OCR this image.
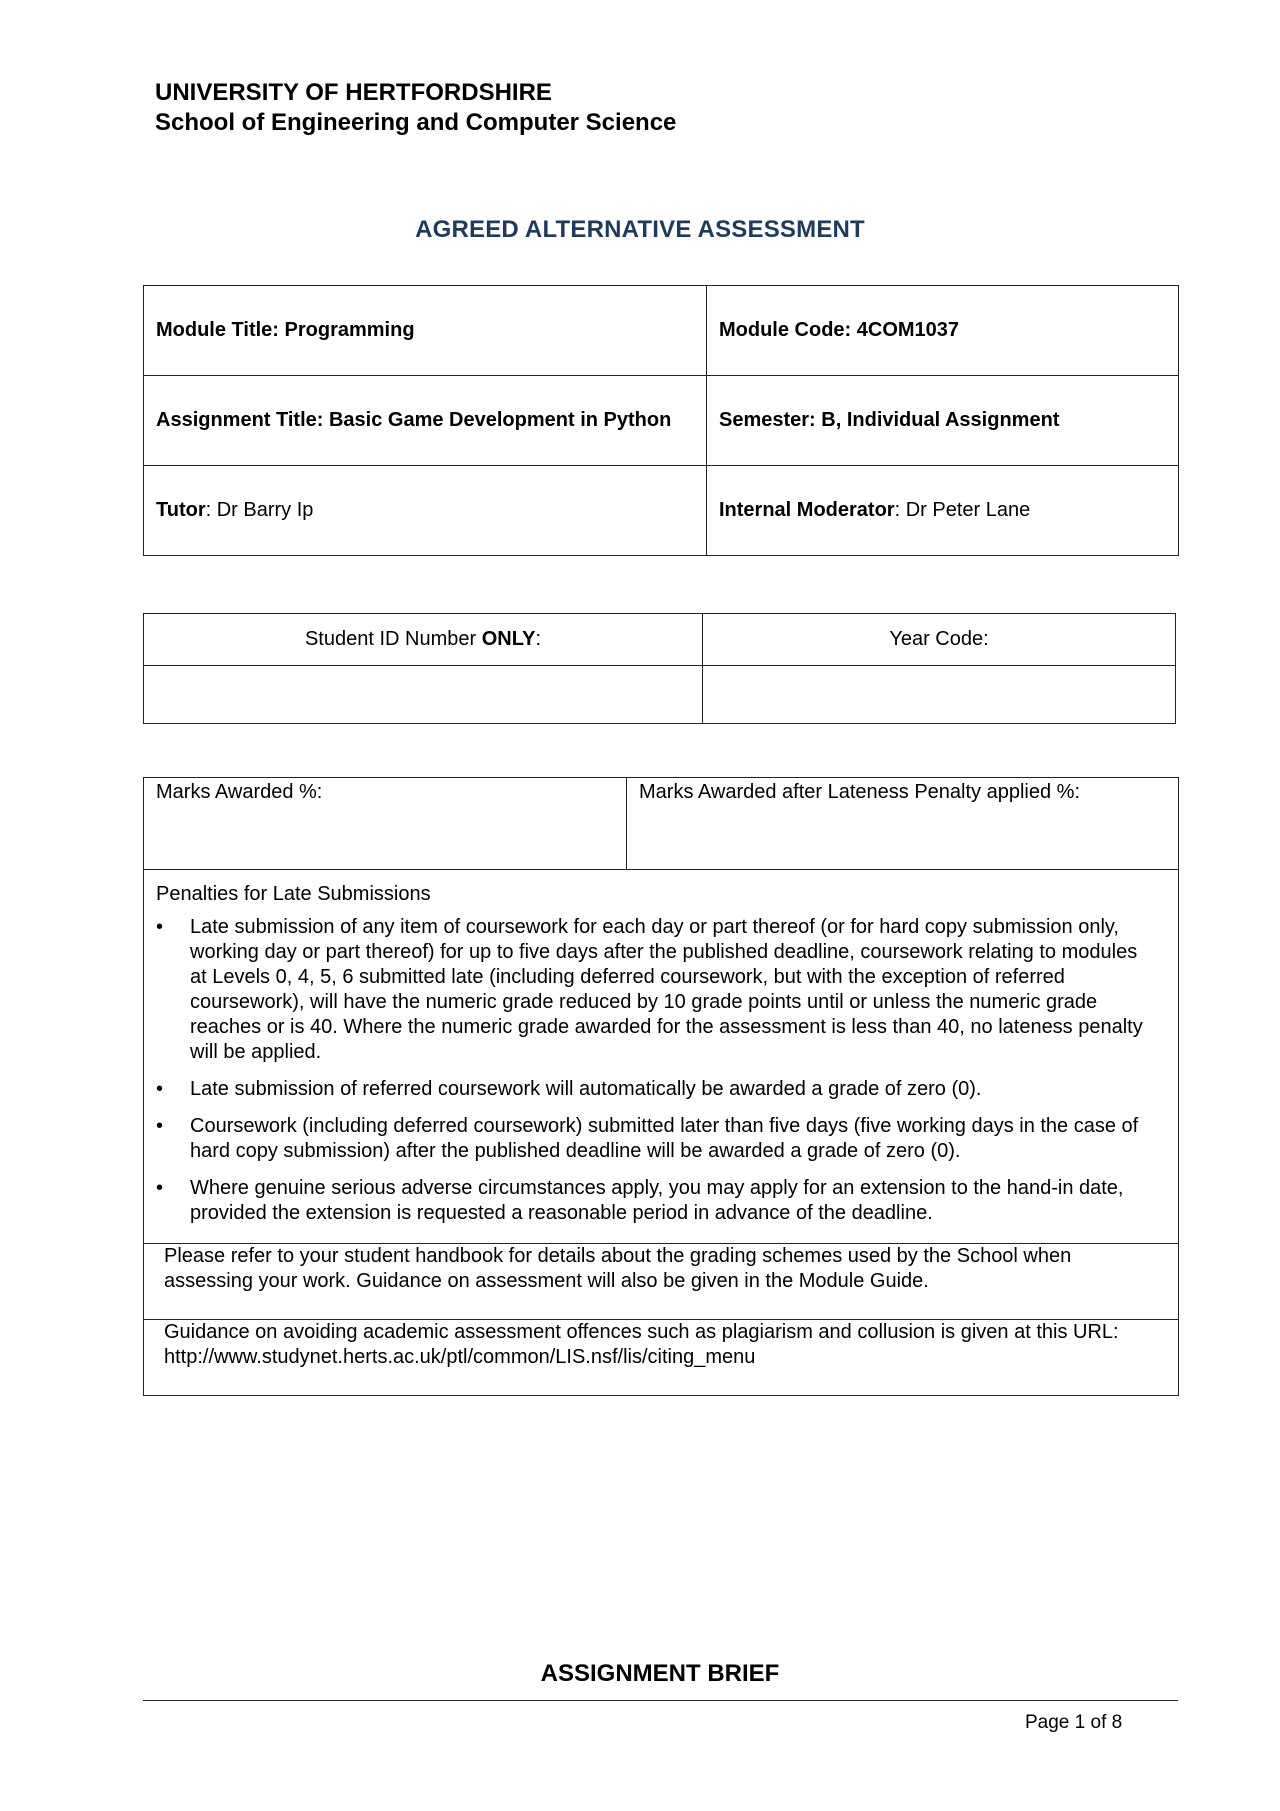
UNIVERSITY OF HERTFORDSHIRE
School of Engineering and Computer Science
AGREED ALTERNATIVE ASSESSMENT
Module Title: Programming	Module Code: 4COM1037
Assignment Title: Basic Game Development in Python	Semester: B, Individual Assignment
Tutor: Dr Barry Ip	Internal Moderator: Dr Peter Lane
Student ID Number ONLY:	Year Code:

Marks Awarded %:	Marks Awarded after Lateness Penalty applied %:

Penalties for Late Submissions
• Late submission of any item of coursework for each day or part thereof (or for hard copy submission only, working day or part thereof) for up to five days after the published deadline, coursework relating to modules at Levels 0, 4, 5, 6 submitted late (including deferred coursework, but with the exception of referred coursework), will have the numeric grade reduced by 10 grade points until or unless the numeric grade reaches or is 40. Where the numeric grade awarded for the assessment is less than 40, no lateness penalty will be applied.
• Late submission of referred coursework will automatically be awarded a grade of zero (0).
• Coursework (including deferred coursework) submitted later than five days (five working days in the case of hard copy submission) after the published deadline will be awarded a grade of zero (0).
• Where genuine serious adverse circumstances apply, you may apply for an extension to the hand-in date, provided the extension is requested a reasonable period in advance of the deadline.

Please refer to your student handbook for details about the grading schemes used by the School when assessing your work. Guidance on assessment will also be given in the Module Guide.
Guidance on avoiding academic assessment offences such as plagiarism and collusion is given at this URL: http://www.studynet.herts.ac.uk/ptl/common/LIS.nsf/lis/citing_menu
ASSIGNMENT BRIEF
Page 1 of 8
